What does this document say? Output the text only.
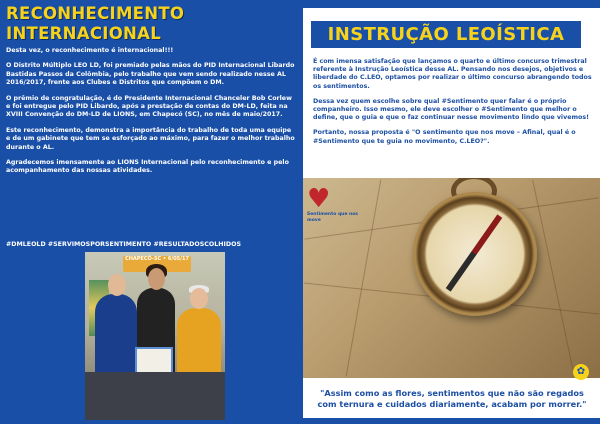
RECONHECIMENTO
INTERNACIONAL

Desta vez, o reconhecimento é internacional!!!

O Distrito Múltiplo LEO LD, foi premiado pelas mãos do PID Internacional Libardo Bastidas Passos da Colômbia, pelo trabalho que vem sendo realizado nesse AL 2016/2017, frente aos Clubes e Distritos que compõem o DM.

O prêmio de congratulação, é do Presidente Internacional Chanceler Bob Corlew e foi entregue pelo PID Libardo, após a prestação de contas do DM-LD, feita na XVIII Convenção do DM-LD de LIONS, em Chapecó (SC), no mês de maio/2017.

Este reconhecimento, demonstra a importância do trabalho de toda uma equipe e de um gabinete que tem se esforçado ao máximo, para fazer o melhor trabalho durante o AL.

Agradecemos imensamente ao LIONS Internacional pelo reconhecimento e pelo acompanhamento das nossas atividades.

#DMLEOLD #SERVIMOSPORSENTIMENTO #RESULTADOSCOLHIDOS
CHAPECÓ-SC • 6/05/17
INSTRUÇÃO LEOÍSTICA

É com imensa satisfação que lançamos o quarto e último concurso trimestral referente à Instrução Leoística desse AL. Pensando nos desejos, objetivos e liberdade do C.LEO, optamos por realizar o último concurso abrangendo todos os sentimentos.

Dessa vez quem escolhe sobre qual #Sentimento quer falar é o próprio companheiro. Isso mesmo, ele deve escolher o #Sentimento que melhor o define, que o guia e que o faz continuar nesse movimento lindo que vivemos!

Portanto, nossa proposta é "O sentimento que nos move – Afinal, qual é o #Sentimento que te guia no movimento, C.LEO?".

♥
Sentimento que nos move
✿
"Assim como as flores, sentimentos que não são regados com ternura e cuidados diariamente, acabam por morrer."
